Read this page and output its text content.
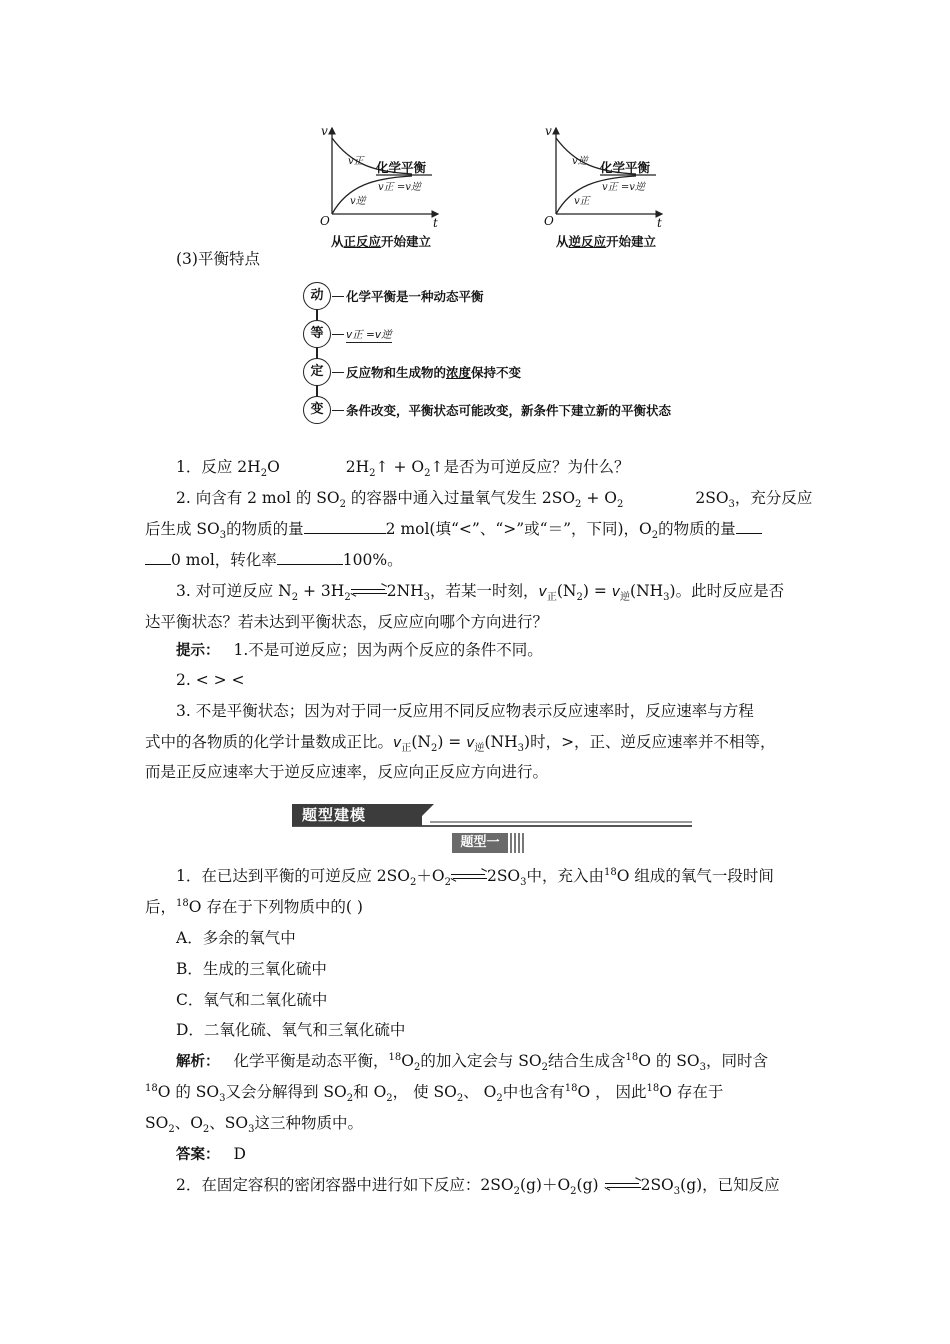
v
t
O
v正
v逆
化学平衡
v正 =v逆
从正反应开始建立
v
t
O
v逆
v正
化学平衡
v正 =v逆
从逆反应开始建立
(3)平衡特点
动	化学平衡是一种动态平衡
等	v正 =v逆
定	反应物和生成物的浓度保持不变
变	条件改变，平衡状态可能改变，新条件下建立新的平衡状态
1．反应 $2H_2O$	$2H_2↑$ + $O_2↑$是否为可逆反应？为什么？
2. 向含有 2 mol 的 $SO_2$ 的容器中通入过量氧气发生 $2SO_2 + O_2$	$2SO_3$，充分反应
后生成 $SO_3$的物质的量	2 mol(填“<”、“>”或“＝”，下同)，$O_2$的物质的量
0 mol，转化率	100%。
3. 对可逆反应 $N_2 + 3H_2$ $2NH_3$，若某一时刻，$v_正(N_2) = v_逆(NH_3)$。此时反应是否
达平衡状态？若未达到平衡状态，反应应向哪个方向进行？
提示： 1.不是可逆反应；因为两个反应的条件不同。
2. < > <
3. 不是平衡状态；因为对于同一反应用不同反应物表示反应速率时，反应速率与方程
式中的各物质的化学计量数成正比。$v_正(N_2) = v_逆(NH_3)$时，>，正、逆反应速率并不相等，
而是正反应速率大于逆反应速率，反应向正反应方向进行。
题型建模
题型一
1．在已达到平衡的可逆反应 $2SO_2+O_2$ $2SO_3$中，充入由$^{18}$O 组成的氧气一段时间
后，$^{18}$O 存在于下列物质中的( )
A．多余的氧气中
B．生成的三氧化硫中
C．氧气和二氧化硫中
D．二氧化硫、氧气和三氧化硫中
解析： 化学平衡是动态平衡，$^{18}O_2$的加入定会与 $SO_2$结合生成含$^{18}$O 的 $SO_3$，同时含
$^{18}$O 的 $SO_3$又会分解得到 $SO_2$和 $O_2$， 使 $SO_2$、 $O_2$中也含有$^{18}$O ， 因此$^{18}$O 存在于
$SO_2$、$O_2$、$SO_3$这三种物质中。
答案： D
2．在固定容积的密闭容器中进行如下反应：$2SO_2(g)+O_2(g)$	$2SO_3(g)$，已知反应
